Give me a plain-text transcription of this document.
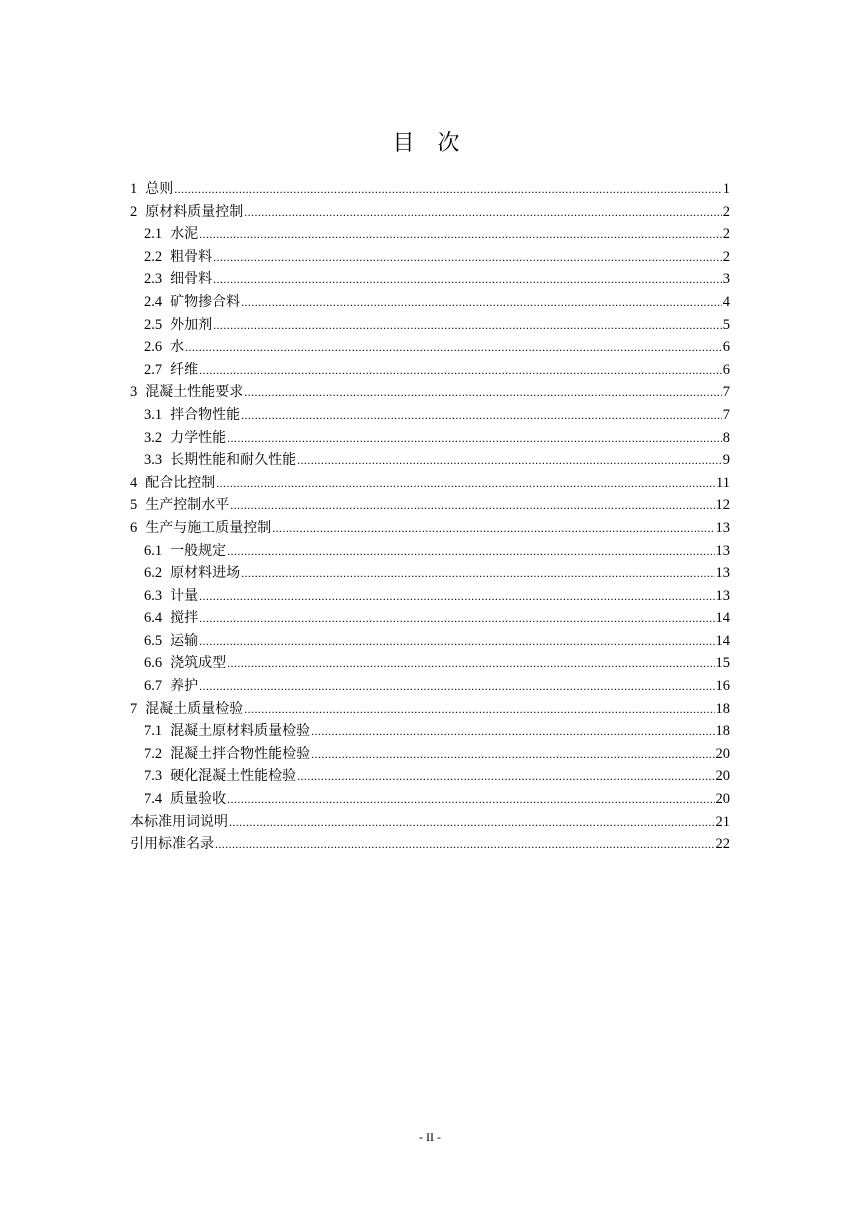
目 次
1 总则 .....	1
2 原材料质量控制 .....	2
2.1 水泥 .....	2
2.2 粗骨料 .....	2
2.3 细骨料 .....	3
2.4 矿物掺合料 .....	4
2.5 外加剂 .....	5
2.6 水 .....	6
2.7 纤维 .....	6
3 混凝土性能要求 .....	7
3.1 拌合物性能 .....	7
3.2 力学性能 .....	8
3.3 长期性能和耐久性能 .....	9
4 配合比控制 .....	11
5 生产控制水平 .....	12
6 生产与施工质量控制 .....	13
6.1 一般规定 .....	13
6.2 原材料进场 .....	13
6.3 计量 .....	13
6.4 搅拌 .....	14
6.5 运输 .....	14
6.6 浇筑成型 .....	15
6.7 养护 .....	16
7 混凝土质量检验 .....	18
7.1 混凝土原材料质量检验 .....	18
7.2 混凝土拌合物性能检验 .....	20
7.3 硬化混凝土性能检验 .....	20
7.4 质量验收 .....	20
本标准用词说明 .....	21
引用标准名录 .....	22
- II -
